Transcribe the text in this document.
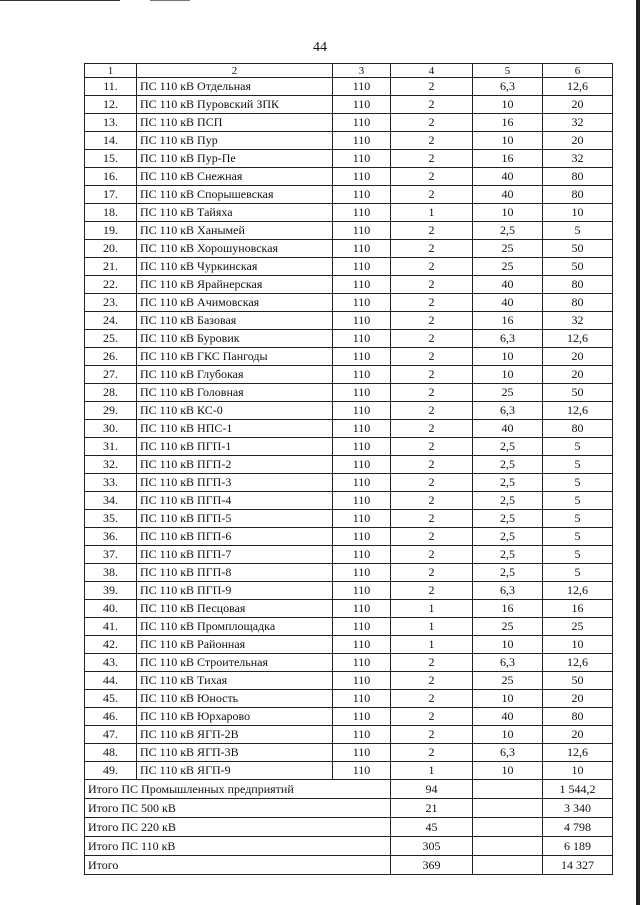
44
1	2	3	4	5	6
11.	ПС 110 кВ Отдельная	110	2	6,3	12,6
12.	ПС 110 кВ Пуровский ЗПК	110	2	10	20
13.	ПС 110 кВ ПСП	110	2	16	32
14.	ПС 110 кВ Пур	110	2	10	20
15.	ПС 110 кВ Пур-Пе	110	2	16	32
16.	ПС 110 кВ Снежная	110	2	40	80
17.	ПС 110 кВ Спорышевская	110	2	40	80
18.	ПС 110 кВ Тайяха	110	1	10	10
19.	ПС 110 кВ Ханымей	110	2	2,5	5
20.	ПС 110 кВ Хорошуновская	110	2	25	50
21.	ПС 110 кВ Чуркинская	110	2	25	50
22.	ПС 110 кВ Ярайнерская	110	2	40	80
23.	ПС 110 кВ Ачимовская	110	2	40	80
24.	ПС 110 кВ Базовая	110	2	16	32
25.	ПС 110 кВ Буровик	110	2	6,3	12,6
26.	ПС 110 кВ ГКС Пангоды	110	2	10	20
27.	ПС 110 кВ Глубокая	110	2	10	20
28.	ПС 110 кВ Головная	110	2	25	50
29.	ПС 110 кВ КС-0	110	2	6,3	12,6
30.	ПС 110 кВ НПС-1	110	2	40	80
31.	ПС 110 кВ ПГП-1	110	2	2,5	5
32.	ПС 110 кВ ПГП-2	110	2	2,5	5
33.	ПС 110 кВ ПГП-3	110	2	2,5	5
34.	ПС 110 кВ ПГП-4	110	2	2,5	5
35.	ПС 110 кВ ПГП-5	110	2	2,5	5
36.	ПС 110 кВ ПГП-6	110	2	2,5	5
37.	ПС 110 кВ ПГП-7	110	2	2,5	5
38.	ПС 110 кВ ПГП-8	110	2	2,5	5
39.	ПС 110 кВ ПГП-9	110	2	6,3	12,6
40.	ПС 110 кВ Песцовая	110	1	16	16
41.	ПС 110 кВ Промплощадка	110	1	25	25
42.	ПС 110 кВ Районная	110	1	10	10
43.	ПС 110 кВ Строительная	110	2	6,3	12,6
44.	ПС 110 кВ Тихая	110	2	25	50
45.	ПС 110 кВ Юность	110	2	10	20
46.	ПС 110 кВ Юрхарово	110	2	40	80
47.	ПС 110 кВ ЯГП-2В	110	2	10	20
48.	ПС 110 кВ ЯГП-3В	110	2	6,3	12,6
49.	ПС 110 кВ ЯГП-9	110	1	10	10
Итого ПС Промышленных предприятий			94		1 544,2
Итого ПС 500 кВ			21		3 340
Итого ПС 220 кВ			45		4 798
Итого ПС 110 кВ			305		6 189
Итого			369		14 327
